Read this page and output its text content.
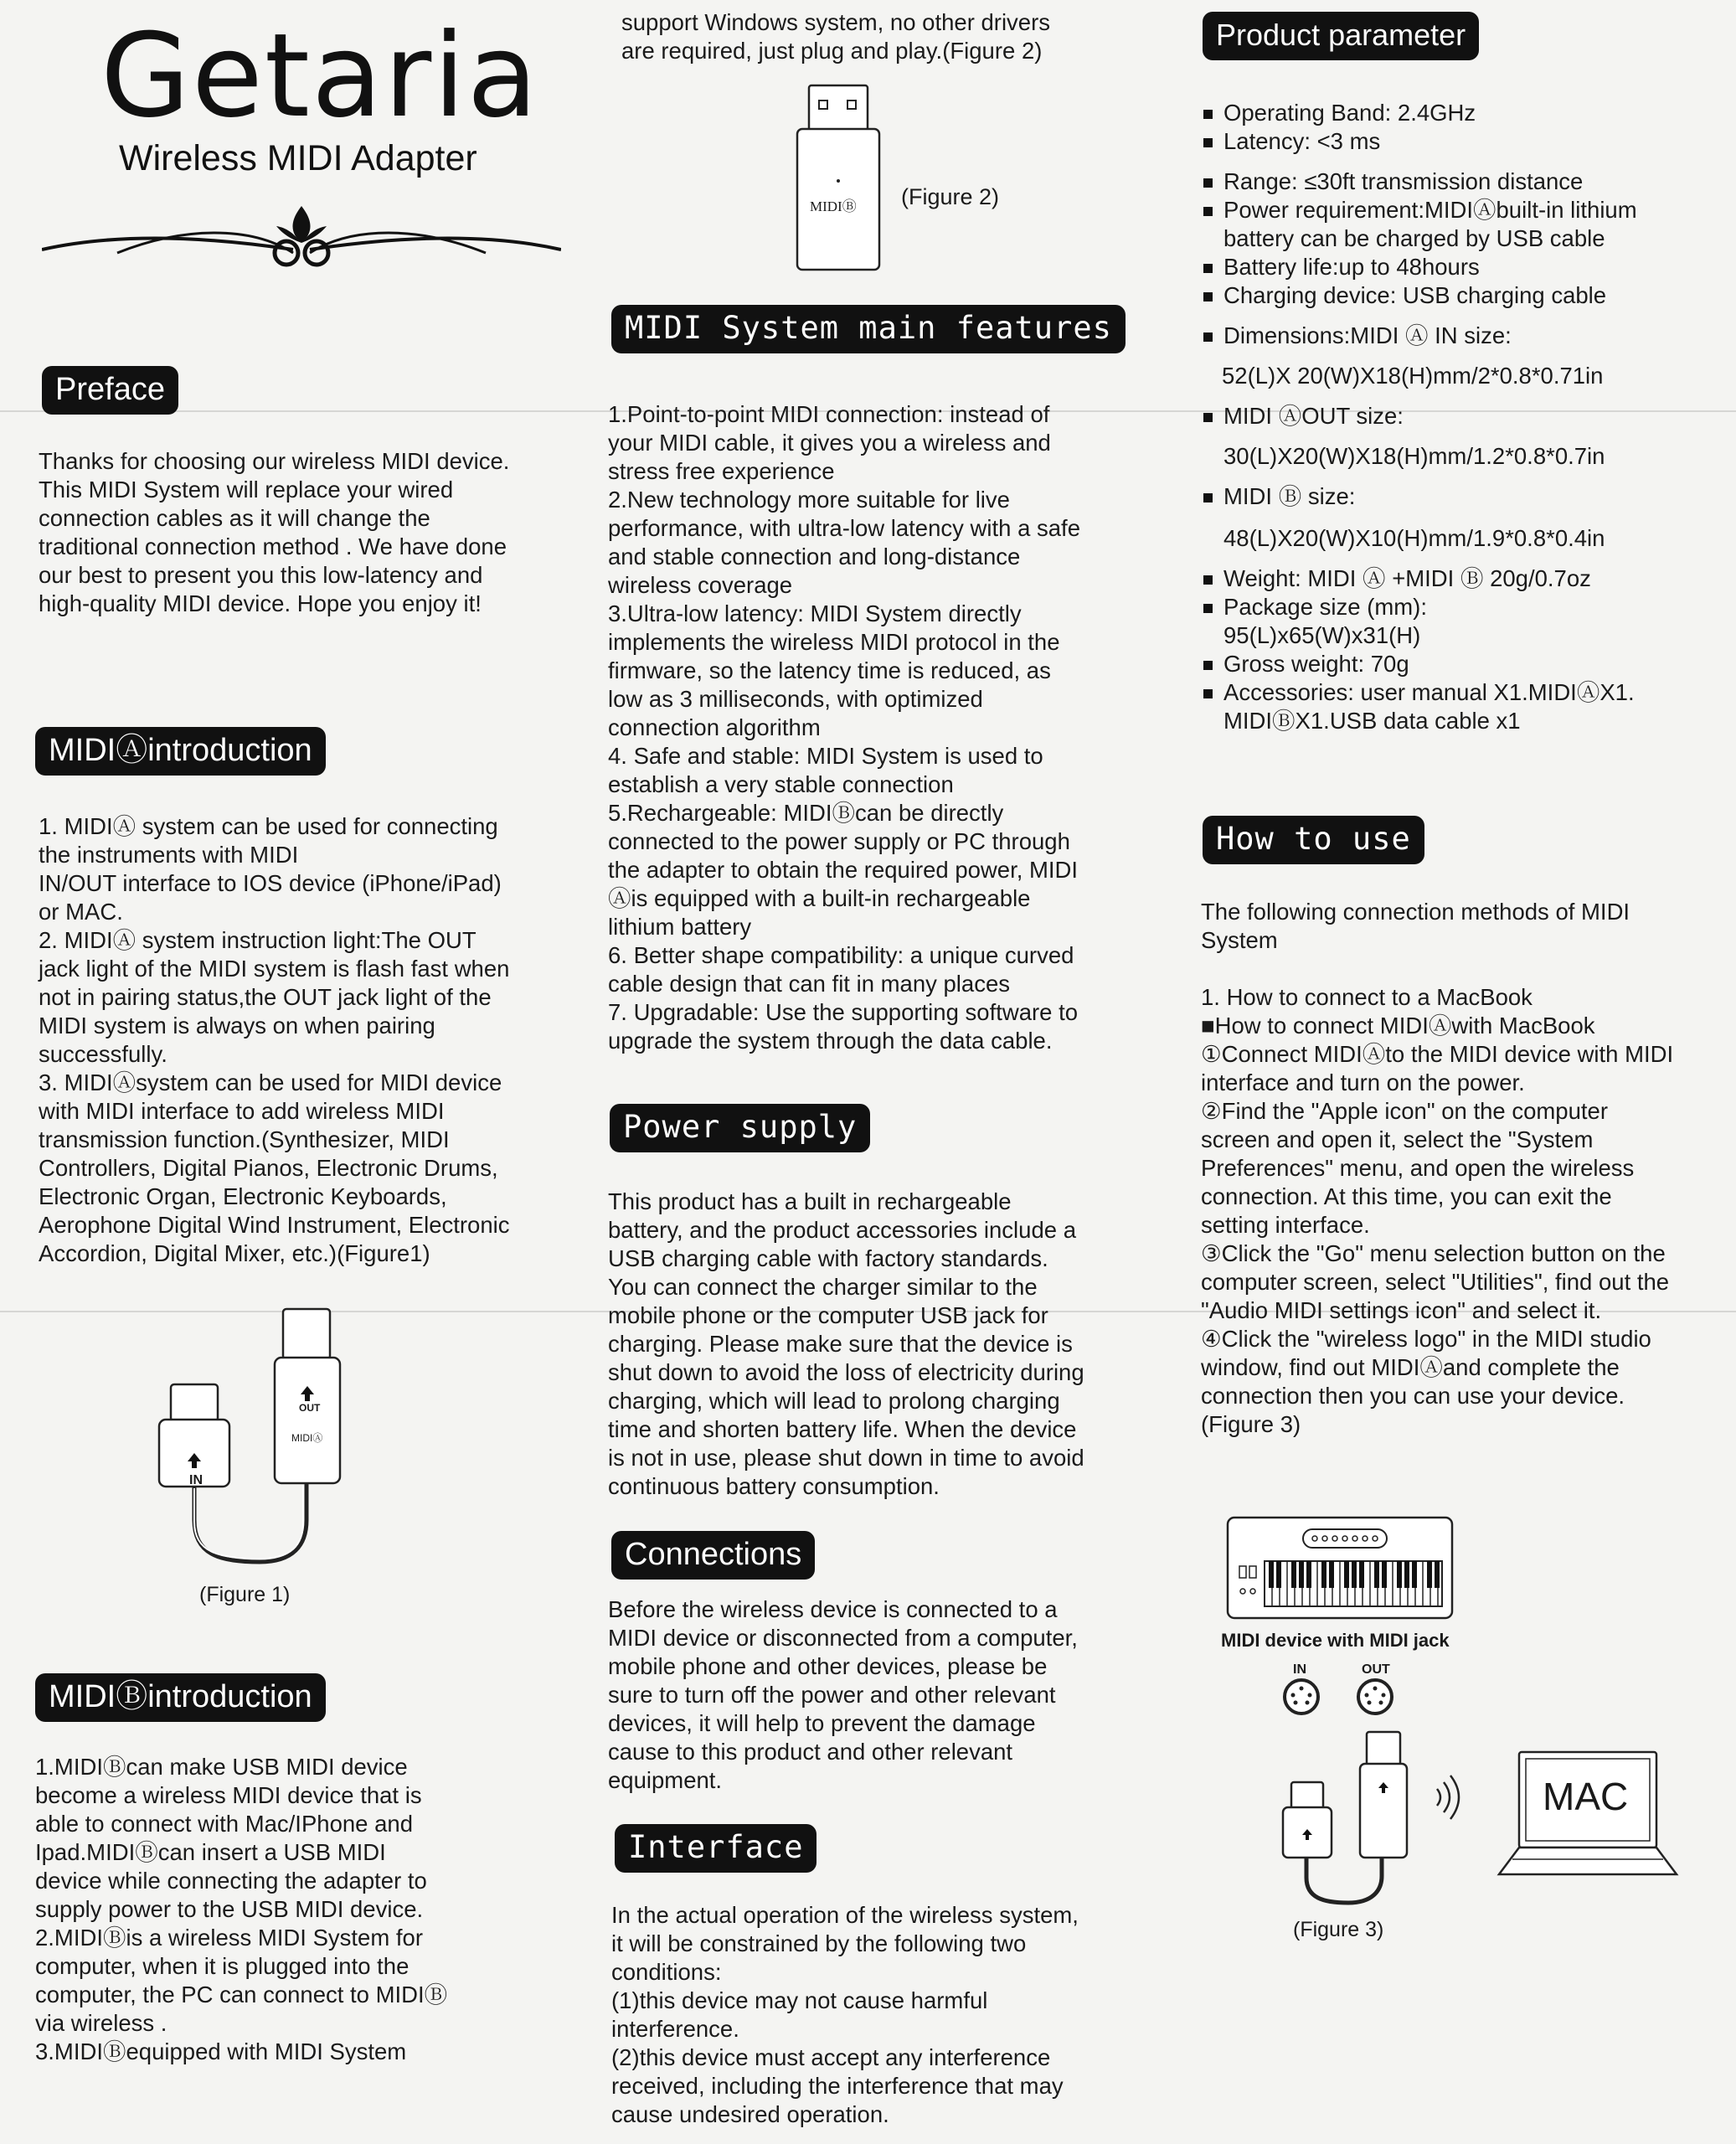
Getaria
Wireless MIDI Adapter
Preface
Thanks for choosing our wireless MIDI device.
This MIDI System will replace your wired
connection cables as it will change the
traditional connection method . We have done
our best to present you this low-latency and
high-quality MIDI device. Hope you enjoy it!
MIDIⒶintroduction
1. MIDIⒶ system can be used for connecting
the instruments with MIDI
IN/OUT interface to IOS device (iPhone/iPad)
or MAC.
2. MIDIⒶ system instruction light:The OUT
jack light of the MIDI system is flash fast when
not in pairing status,the OUT jack light of the
MIDI system is always on when pairing
successfully.
3. MIDIⒶsystem can be used for MIDI device
with MIDI interface to add wireless MIDI
transmission function.(Synthesizer, MIDI
Controllers, Digital Pianos, Electronic Drums,
Electronic Organ, Electronic Keyboards,
Aerophone Digital Wind Instrument, Electronic
Accordion, Digital Mixer, etc.)(Figure1)
IN
OUT
MIDIⒶ
(Figure 1)
MIDIⒷintroduction
1.MIDIⒷcan make USB MIDI device
become a wireless MIDI device that is
able to connect with Mac/IPhone and
Ipad.MIDIⒷcan insert a USB MIDI
device while connecting the adapter to
supply power to the USB MIDI device.
2.MIDIⒷis a wireless MIDI System for
computer, when it is plugged into the
computer, the PC can connect to MIDIⒷ
via wireless .
3.MIDIⒷequipped with MIDI System
support Windows system, no other drivers
are required, just plug and play.(Figure 2)
MIDIⒷ (Figure 2)
MIDI System main features
1.Point-to-point MIDI connection: instead of
your MIDI cable, it gives you a wireless and
stress free experience
2.New technology more suitable for live
performance, with ultra-low latency with a safe
and stable connection and long-distance
wireless coverage
3.Ultra-low latency: MIDI System directly
implements the wireless MIDI protocol in the
firmware, so the latency time is reduced, as
low as 3 milliseconds, with optimized
connection algorithm
4. Safe and stable: MIDI System is used to
establish a very stable connection
5.Rechargeable: MIDIⒷcan be directly
connected to the power supply or PC through
the adapter to obtain the required power, MIDI
Ⓐis equipped with a built-in rechargeable
lithium battery
6. Better shape compatibility: a unique curved
cable design that can fit in many places
7. Upgradable: Use the supporting software to
upgrade the system through the data cable.
Power supply
This product has a built in rechargeable
battery, and the product accessories include a
USB charging cable with factory standards.
You can connect the charger similar to the
mobile phone or the computer USB jack for
charging. Please make sure that the device is
shut down to avoid the loss of electricity during
charging, which will lead to prolong charging
time and shorten battery life. When the device
is not in use, please shut down in time to avoid
continuous battery consumption.
Connections
Before the wireless device is connected to a
MIDI device or disconnected from a computer,
mobile phone and other devices, please be
sure to turn off the power and other relevant
devices, it will help to prevent the damage
cause to this product and other relevant
equipment.
Interface
In the actual operation of the wireless system,
it will be constrained by the following two
conditions:
(1)this device may not cause harmful
interference.
(2)this device must accept any interference
received, including the interference that may
cause undesired operation.
Product parameter
Operating Band: 2.4GHz
Latency: <3 ms
Range: ≤30ft transmission distance
Power requirement:MIDIⒶbuilt-in lithium
battery can be charged by USB cable
Battery life:up to 48hours
Charging device: USB charging cable
Dimensions:MIDI Ⓐ IN size:
52(L)X 20(W)X18(H)mm/2*0.8*0.71in
MIDI ⒶOUT size:
30(L)X20(W)X18(H)mm/1.2*0.8*0.7in
MIDI Ⓑ size:
48(L)X20(W)X10(H)mm/1.9*0.8*0.4in
Weight: MIDI Ⓐ +MIDI Ⓑ 20g/0.7oz
Package size (mm):
95(L)x65(W)x31(H)
Gross weight: 70g
Accessories: user manual X1.MIDIⒶX1.
MIDIⒷX1.USB data cable x1
How to use
The following connection methods of MIDI
System
1. How to connect to a MacBook
■How to connect MIDIⒶwith MacBook
①Connect MIDIⒶto the MIDI device with MIDI
interface and turn on the power.
②Find the "Apple icon" on the computer
screen and open it, select the "System
Preferences" menu, and open the wireless
connection. At this time, you can exit the
setting interface.
③Click the "Go" menu selection button on the
computer screen, select "Utilities", find out the
"Audio MIDI settings icon" and select it.
④Click the "wireless logo" in the MIDI studio
window, find out MIDIⒶand complete the
connection then you can use your device.
(Figure 3)
MIDI device with MIDI jack
IN	OUT
MAC
(Figure 3)
